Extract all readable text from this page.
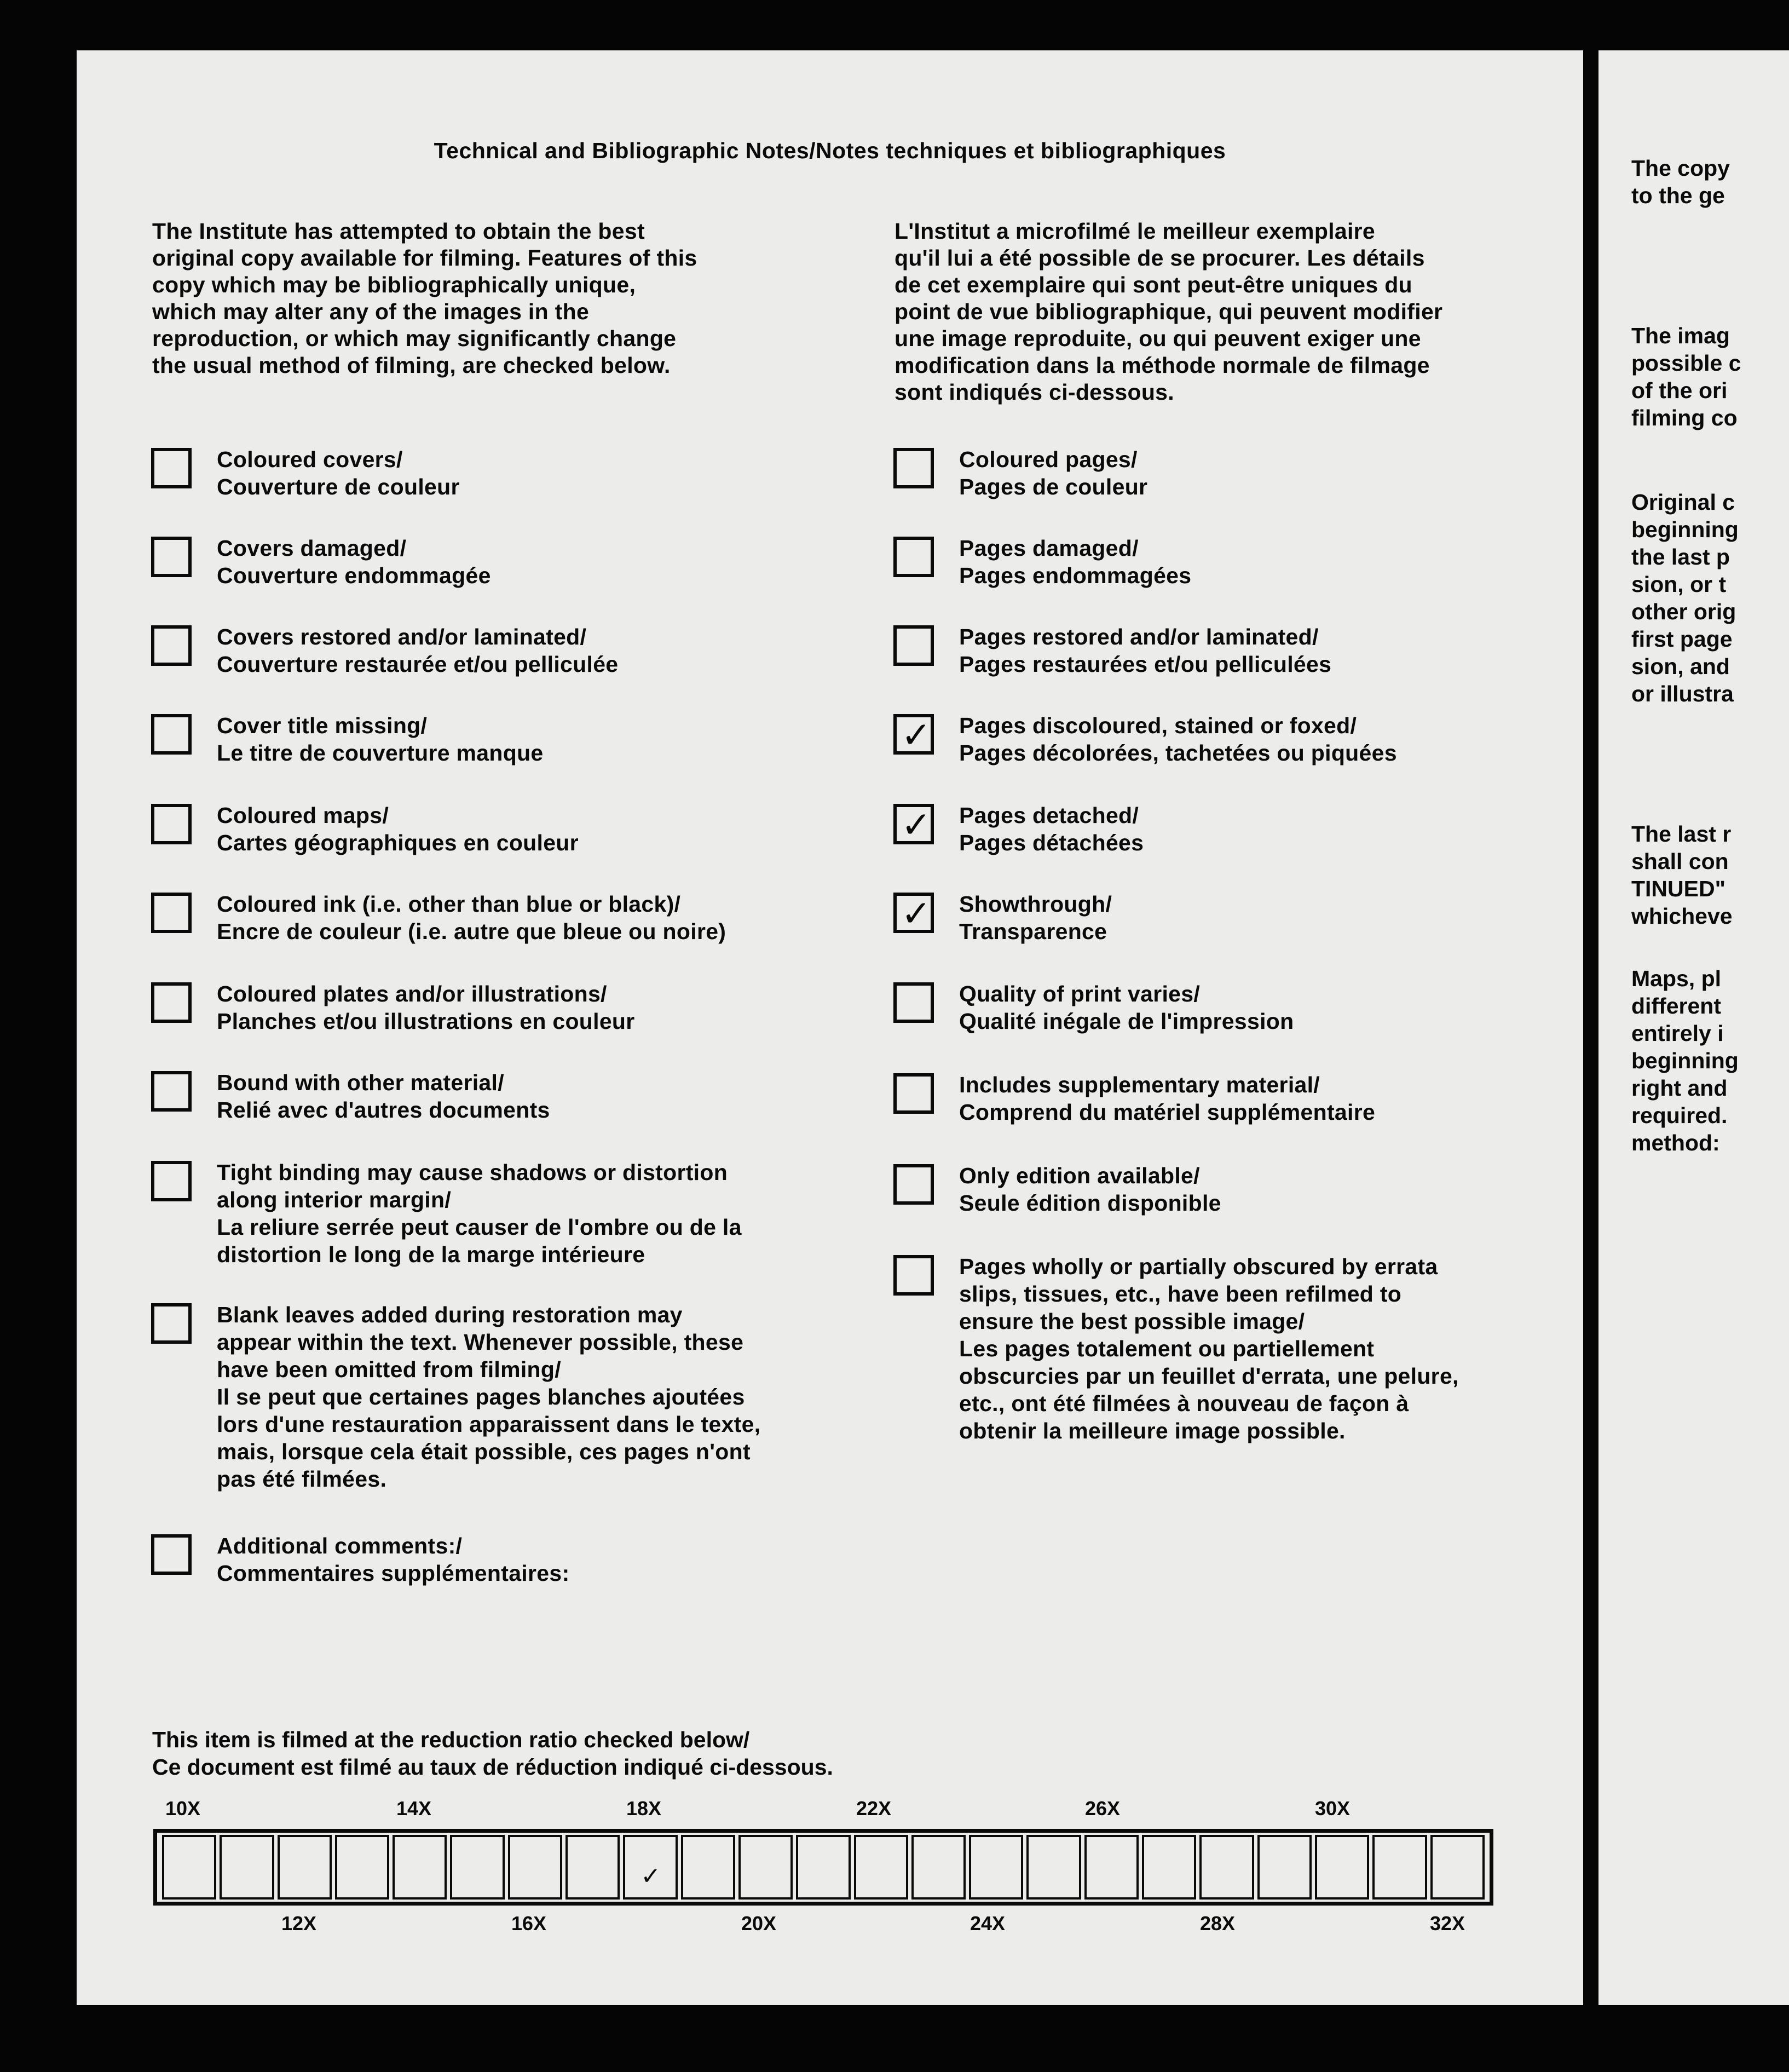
Technical and Bibliographic Notes/Notes techniques et bibliographiques
The Institute has attempted to obtain the best
original copy available for filming. Features of this
copy which may be bibliographically unique,
which may alter any of the images in the
reproduction, or which may significantly change
the usual method of filming, are checked below.
L'Institut a microfilmé le meilleur exemplaire
qu'il lui a été possible de se procurer. Les détails
de cet exemplaire qui sont peut-être uniques du
point de vue bibliographique, qui peuvent modifier
une image reproduite, ou qui peuvent exiger une
modification dans la méthode normale de filmage
sont indiqués ci-dessous.
Coloured covers/
Couverture de couleur
Covers damaged/
Couverture endommagée
Covers restored and/or laminated/
Couverture restaurée et/ou pelliculée
Cover title missing/
Le titre de couverture manque
Coloured maps/
Cartes géographiques en couleur
Coloured ink (i.e. other than blue or black)/
Encre de couleur (i.e. autre que bleue ou noire)
Coloured plates and/or illustrations/
Planches et/ou illustrations en couleur
Bound with other material/
Relié avec d'autres documents
Tight binding may cause shadows or distortion
along interior margin/
La reliure serrée peut causer de l'ombre ou de la
distortion le long de la marge intérieure
Blank leaves added during restoration may
appear within the text. Whenever possible, these
have been omitted from filming/
Il se peut que certaines pages blanches ajoutées
lors d'une restauration apparaissent dans le texte,
mais, lorsque cela était possible, ces pages n'ont
pas été filmées.
Additional comments:/
Commentaires supplémentaires:
Coloured pages/
Pages de couleur
Pages damaged/
Pages endommagées
Pages restored and/or laminated/
Pages restaurées et/ou pelliculées
✓
Pages discoloured, stained or foxed/
Pages décolorées, tachetées ou piquées
✓
Pages detached/
Pages détachées
✓
Showthrough/
Transparence
Quality of print varies/
Qualité inégale de l'impression
Includes supplementary material/
Comprend du matériel supplémentaire
Only edition available/
Seule édition disponible
Pages wholly or partially obscured by errata
slips, tissues, etc., have been refilmed to
ensure the best possible image/
Les pages totalement ou partiellement
obscurcies par un feuillet d'errata, une pelure,
etc., ont été filmées à nouveau de façon à
obtenir la meilleure image possible.
This item is filmed at the reduction ratio checked below/
Ce document est filmé au taux de réduction indiqué ci-dessous.
10X	14X	18X	22X	26X	30X
✓
12X	16X	20X	24X	28X	32X
The copy
to the ge
The imag
possible c
of the ori
filming co
Original c
beginning
the last p
sion, or t
other orig
first page
sion, and
or illustra
The last r
shall con
TINUED"
whicheve
Maps, pl
different
entirely i
beginning
right and
required.
method:
